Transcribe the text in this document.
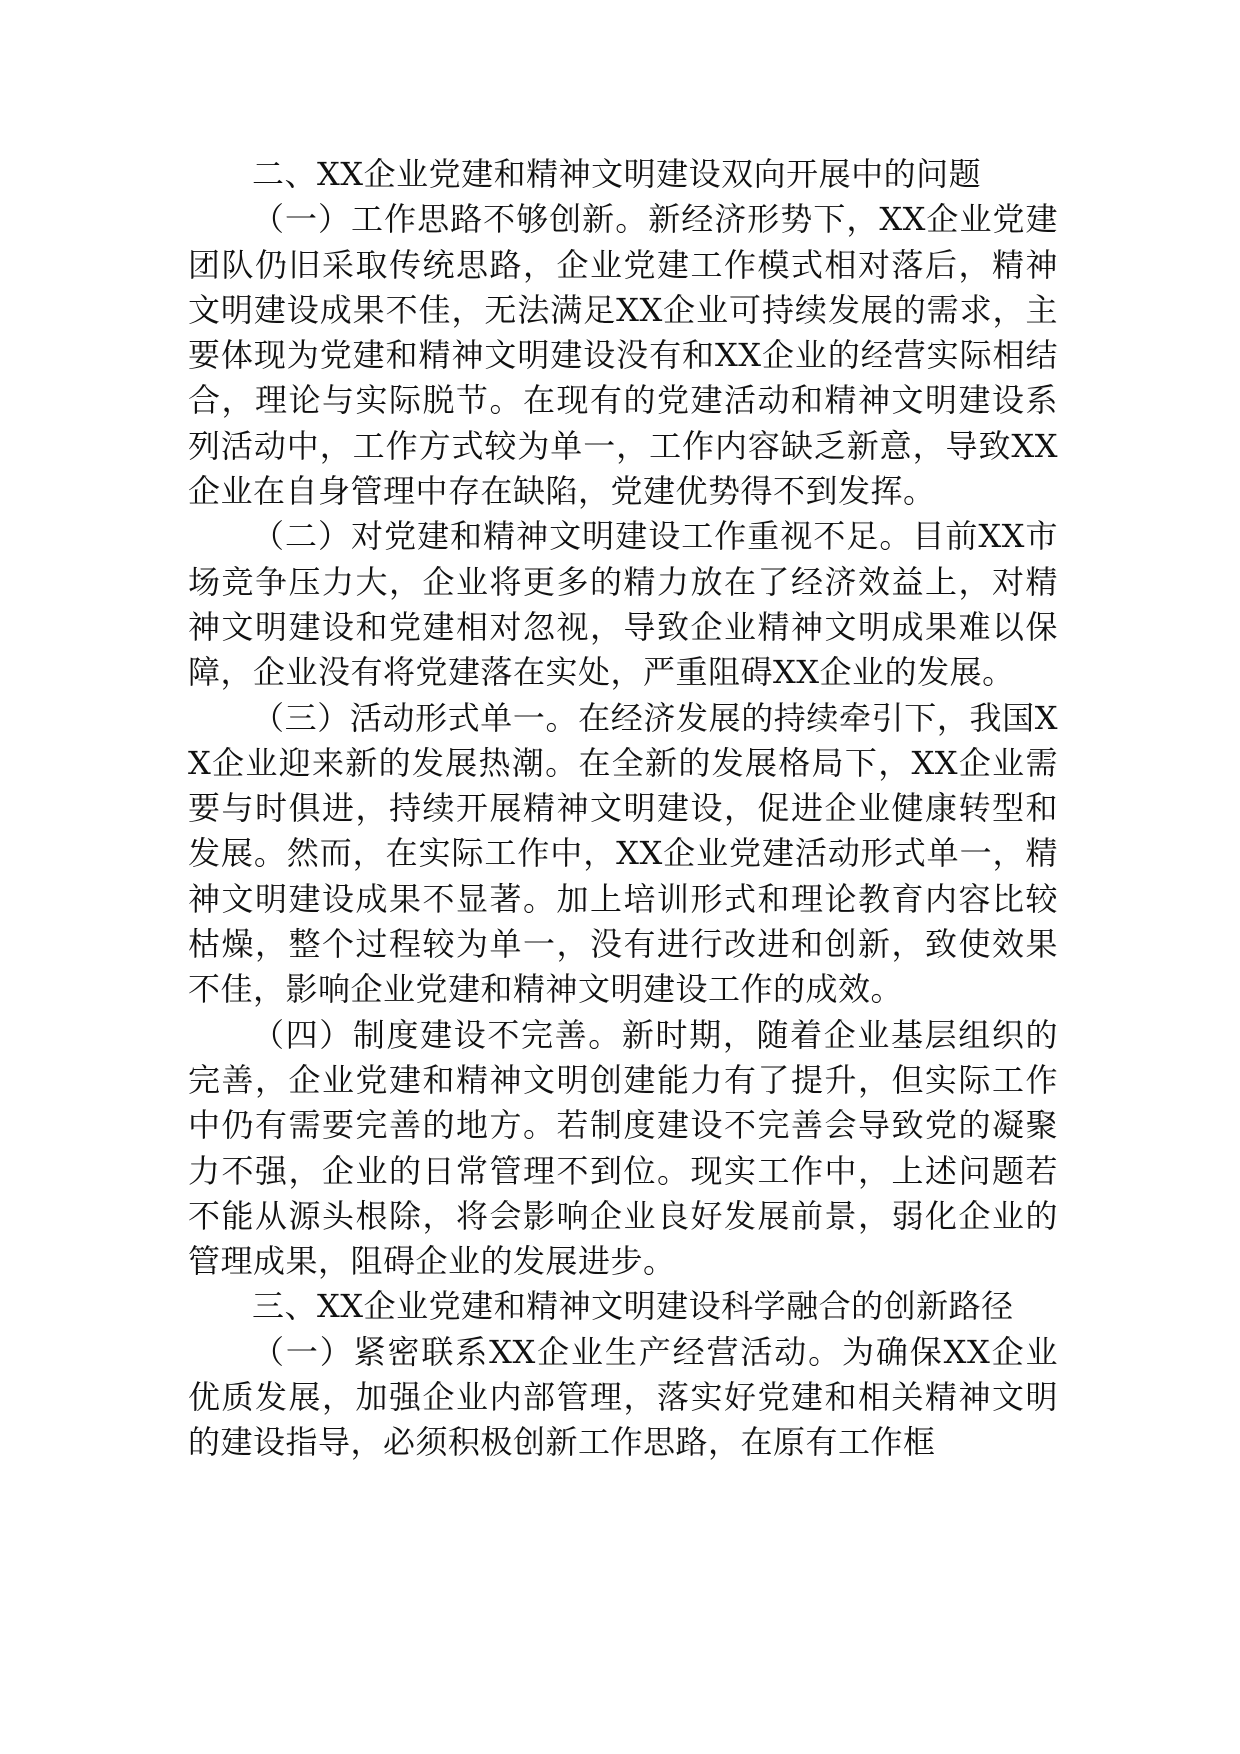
二、XX企业党建和精神文明建设双向开展中的问题

（一）工作思路不够创新。新经济形势下，XX企业党建团队仍旧采取传统思路，企业党建工作模式相对落后，精神文明建设成果不佳，无法满足XX企业可持续发展的需求，主要体现为党建和精神文明建设没有和XX企业的经营实际相结合，理论与实际脱节。在现有的党建活动和精神文明建设系列活动中，工作方式较为单一，工作内容缺乏新意，导致XX企业在自身管理中存在缺陷，党建优势得不到发挥。

（二）对党建和精神文明建设工作重视不足。目前XX市场竞争压力大，企业将更多的精力放在了经济效益上，对精神文明建设和党建相对忽视，导致企业精神文明成果难以保障，企业没有将党建落在实处，严重阻碍XX企业的发展。

（三）活动形式单一。在经济发展的持续牵引下，我国XX企业迎来新的发展热潮。在全新的发展格局下，XX企业需要与时俱进，持续开展精神文明建设，促进企业健康转型和发展。然而，在实际工作中，XX企业党建活动形式单一，精神文明建设成果不显著。加上培训形式和理论教育内容比较枯燥，整个过程较为单一，没有进行改进和创新，致使效果不佳，影响企业党建和精神文明建设工作的成效。

（四）制度建设不完善。新时期，随着企业基层组织的完善，企业党建和精神文明创建能力有了提升，但实际工作中仍有需要完善的地方。若制度建设不完善会导致党的凝聚力不强，企业的日常管理不到位。现实工作中，上述问题若不能从源头根除，将会影响企业良好发展前景，弱化企业的管理成果，阻碍企业的发展进步。

三、XX企业党建和精神文明建设科学融合的创新路径

（一）紧密联系XX企业生产经营活动。为确保XX企业优质发展，加强企业内部管理，落实好党建和相关精神文明的建设指导，必须积极创新工作思路，在原有工作框
